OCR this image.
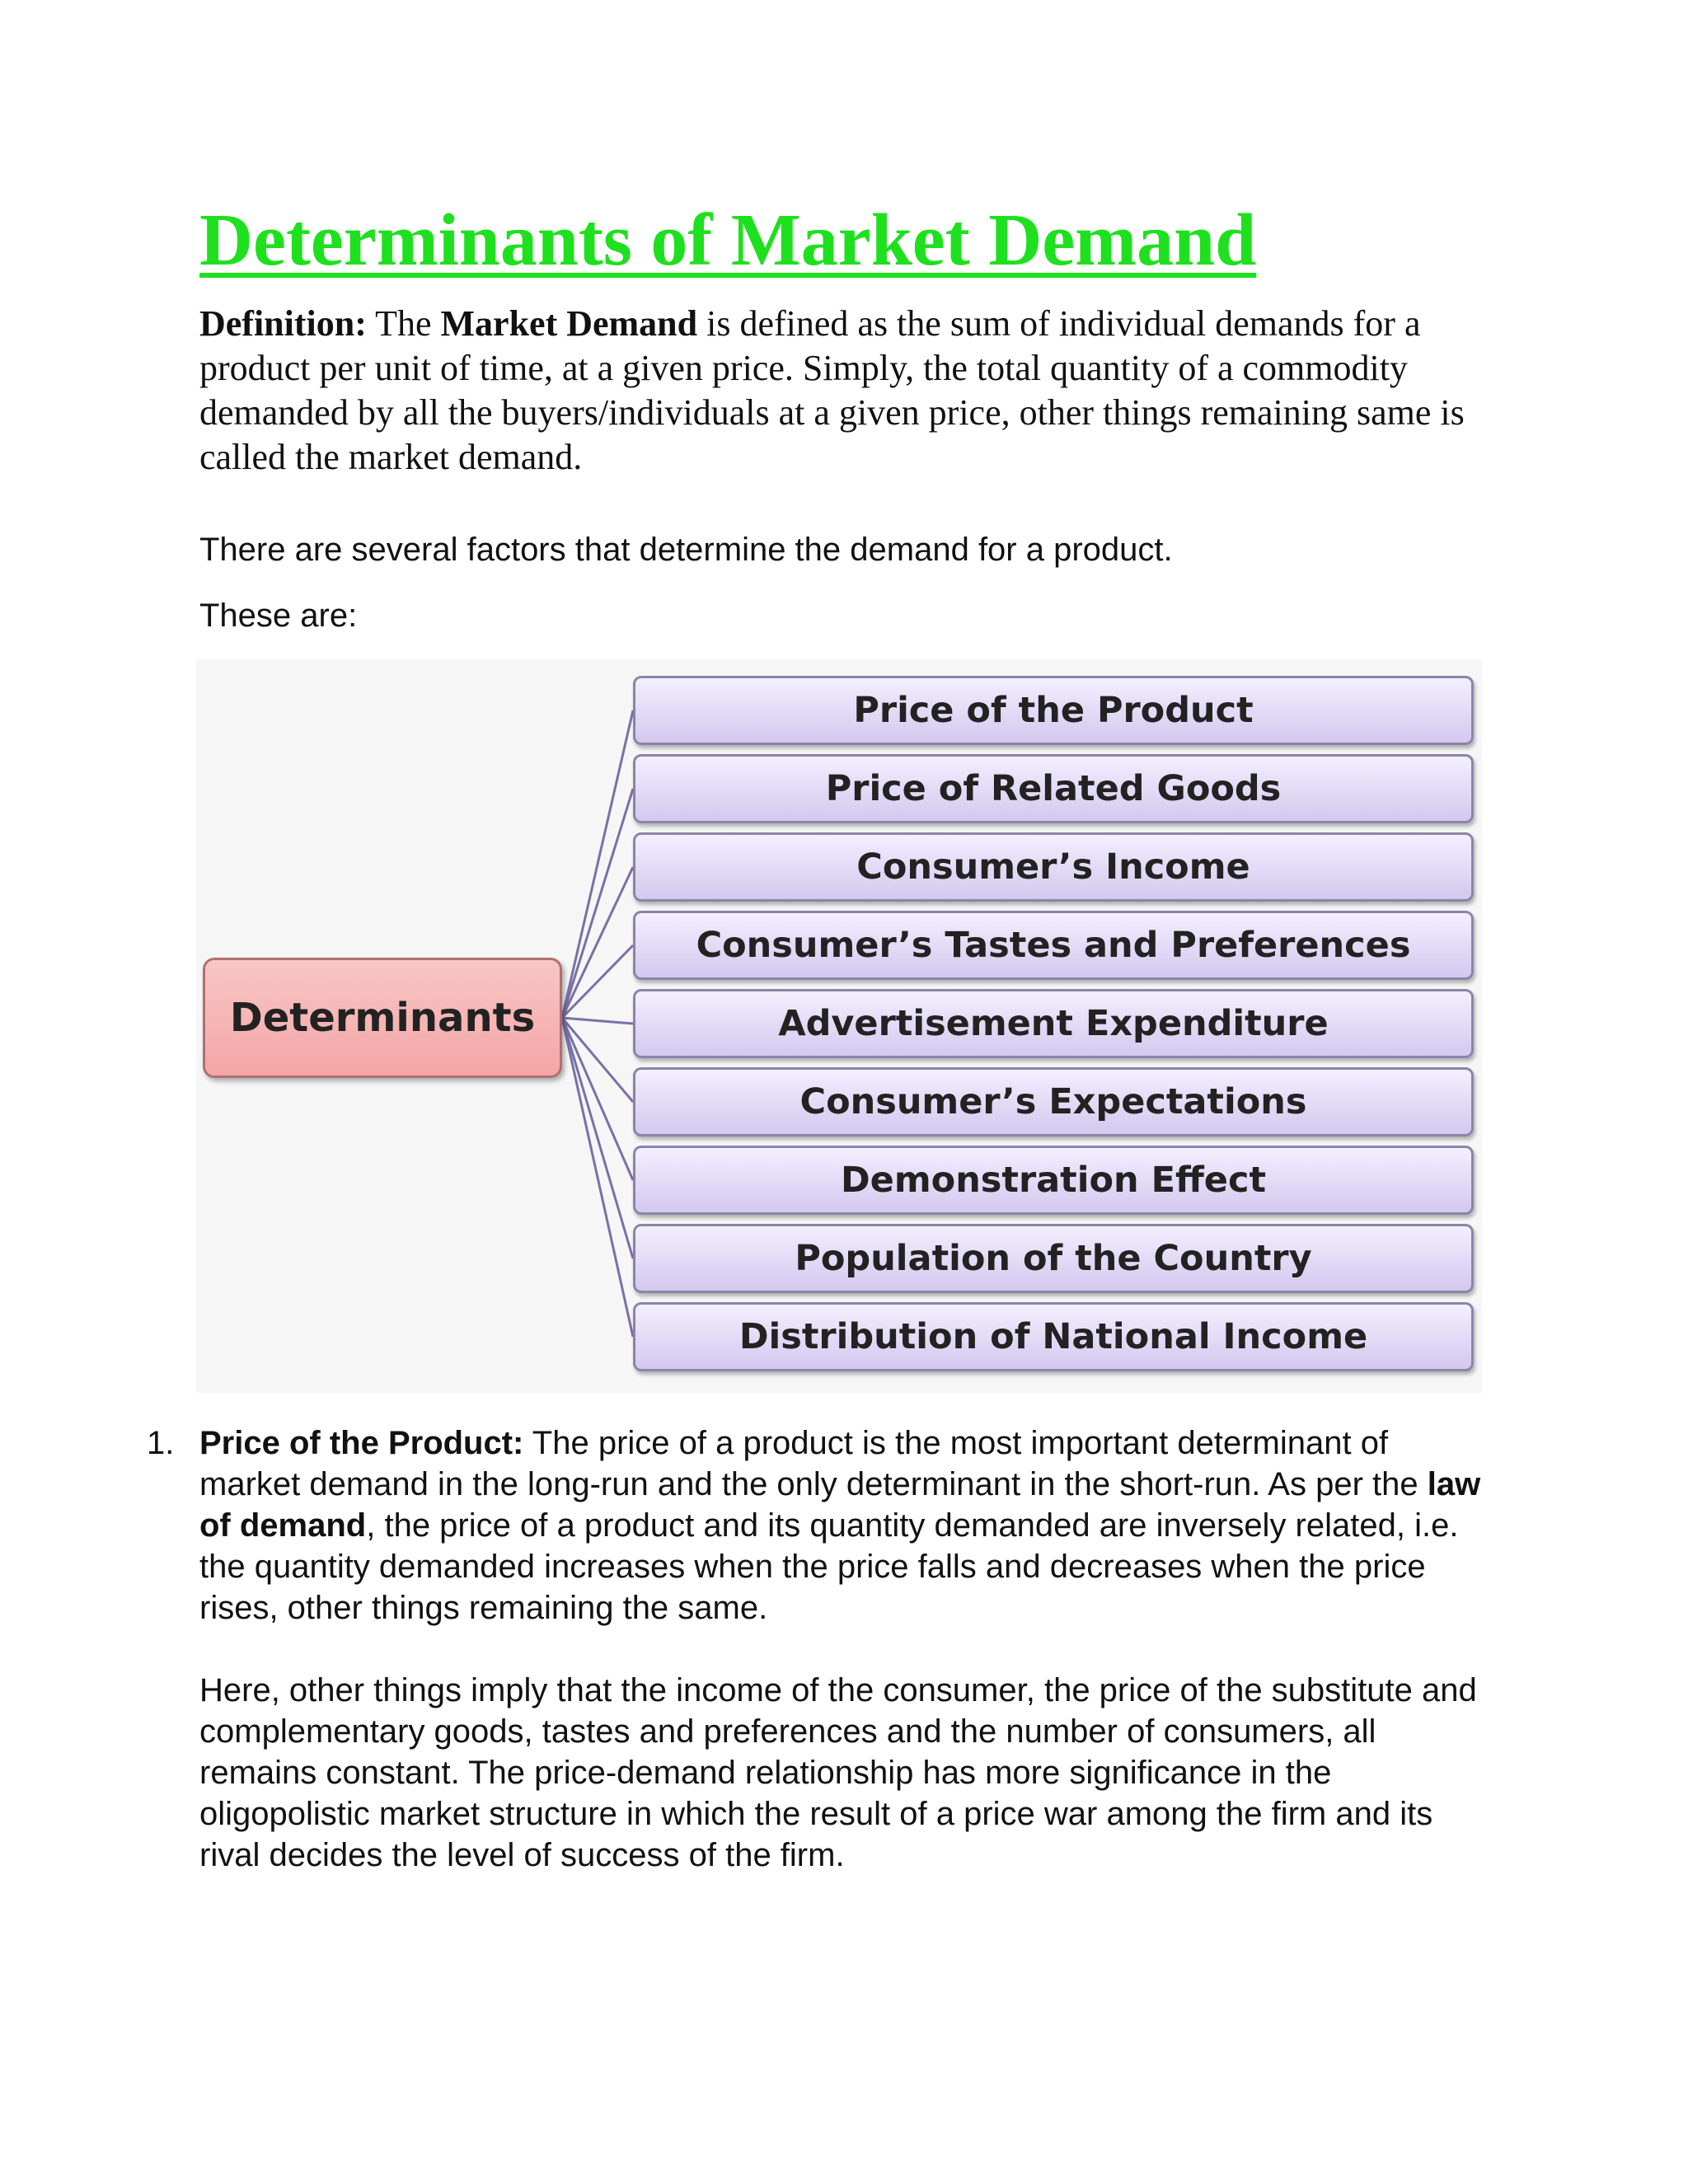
Determinants of Market Demand

Definition: The Market Demand is defined as the sum of individual demands for a product per unit of time, at a given price. Simply, the total quantity of a commodity demanded by all the buyers/individuals at a given price, other things remaining same is called the market demand.

There are several factors that determine the demand for a product.

These are:

Determinants
Price of the Product
Price of Related Goods
Consumer’s Income
Consumer’s Tastes and Preferences
Advertisement Expenditure
Consumer’s Expectations
Demonstration Effect
Population of the Country
Distribution of National Income
1. Price of the Product: The price of a product is the most important determinant of market demand in the long-run and the only determinant in the short-run. As per the law of demand, the price of a product and its quantity demanded are inversely related, i.e. the quantity demanded increases when the price falls and decreases when the price rises, other things remaining the same.

Here, other things imply that the income of the consumer, the price of the substitute and complementary goods, tastes and preferences and the number of consumers, all remains constant. The price-demand relationship has more significance in the oligopolistic market structure in which the result of a price war among the firm and its rival decides the level of success of the firm.
